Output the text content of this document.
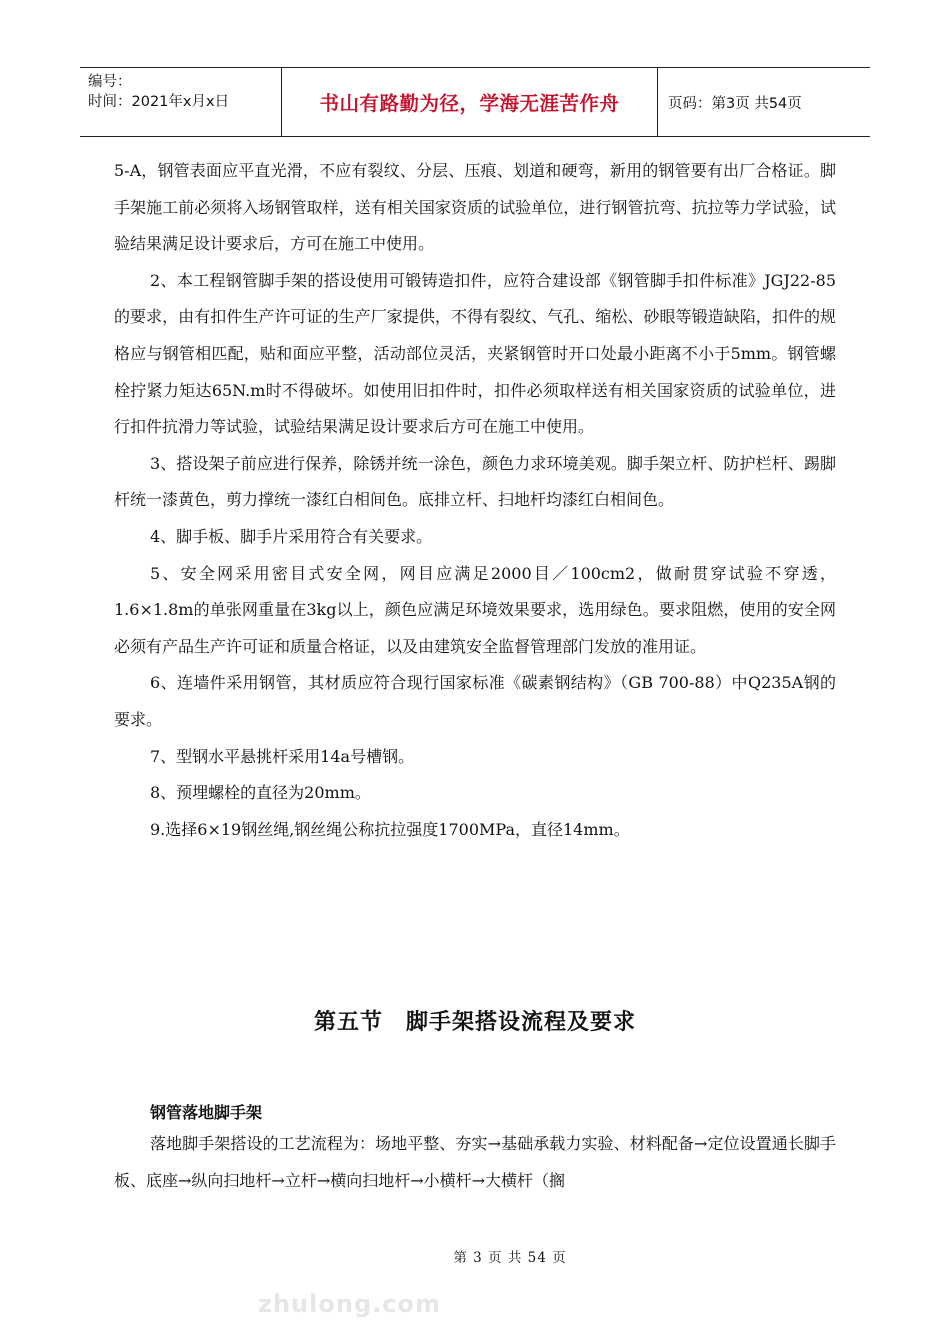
编号：
时间：2021年x月x日	书山有路勤为径，学海无涯苦作舟	页码：第3页 共54页

5-A，钢管表面应平直光滑，不应有裂纹、分层、压痕、划道和硬弯，新用的钢管要有出厂合格证。脚手架施工前必须将入场钢管取样，送有相关国家资质的试验单位，进行钢管抗弯、抗拉等力学试验，试验结果满足设计要求后，方可在施工中使用。

2、本工程钢管脚手架的搭设使用可锻铸造扣件，应符合建设部《钢管脚手扣件标准》JGJ22-85的要求，由有扣件生产许可证的生产厂家提供，不得有裂纹、气孔、缩松、砂眼等锻造缺陷，扣件的规格应与钢管相匹配，贴和面应平整，活动部位灵活，夹紧钢管时开口处最小距离不小于5mm。钢管螺栓拧紧力矩达65N.m时不得破坏。如使用旧扣件时，扣件必须取样送有相关国家资质的试验单位，进行扣件抗滑力等试验，试验结果满足设计要求后方可在施工中使用。

3、搭设架子前应进行保养，除锈并统一涂色，颜色力求环境美观。脚手架立杆、防护栏杆、踢脚杆统一漆黄色，剪力撑统一漆红白相间色。底排立杆、扫地杆均漆红白相间色。

4、脚手板、脚手片采用符合有关要求。

5、安全网采用密目式安全网，网目应满足2000目／100cm2，做耐贯穿试验不穿透，1.6×1.8m的单张网重量在3kg以上，颜色应满足环境效果要求，选用绿色。要求阻燃，使用的安全网必须有产品生产许可证和质量合格证，以及由建筑安全监督管理部门发放的准用证。

6、连墙件采用钢管，其材质应符合现行国家标准《碳素钢结构》（GB 700-88）中Q235A钢的要求。

7、型钢水平悬挑杆采用14a号槽钢。

8、预埋螺栓的直径为20mm。

9.选择6×19钢丝绳,钢丝绳公称抗拉强度1700MPa，直径14mm。

第五节　脚手架搭设流程及要求
钢管落地脚手架

落地脚手架搭设的工艺流程为：场地平整、夯实→基础承载力实验、材料配备→定位设置通长脚手板、底座→纵向扫地杆→立杆→横向扫地杆→小横杆→大横杆（搁

第 3 页 共 54 页
zhulong.com
